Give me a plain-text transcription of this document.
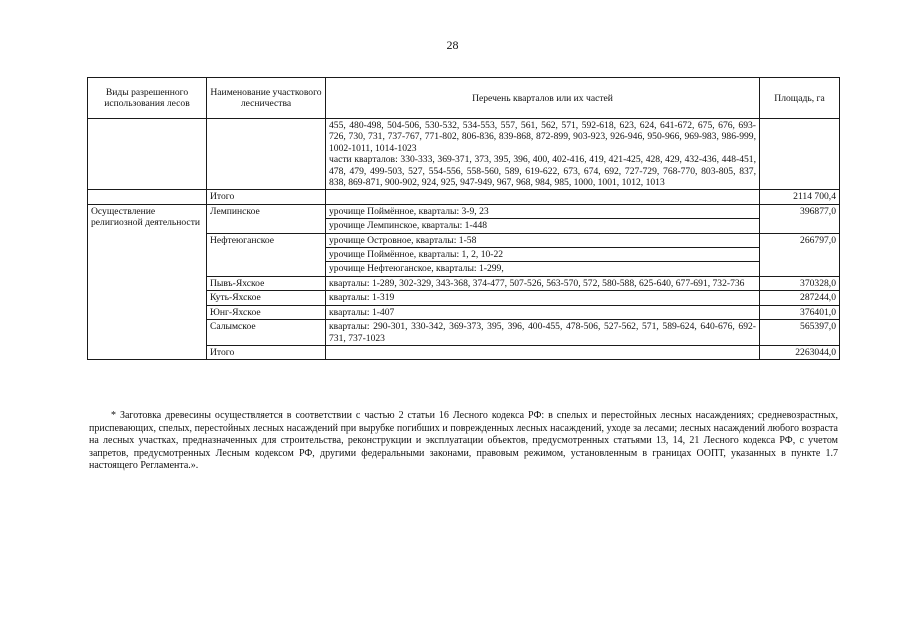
28
Виды разрешенного использования лесов	Наименование участкового лесничества	Перечень кварталов или их частей	Площадь, га

		455, 480-498, 504-506, 530-532, 534-553, 557, 561, 562, 571, 592-618, 623, 624, 641-672, 675, 676, 693-726, 730, 731, 737-767, 771-802, 806-836, 839-868, 872-899, 903-923, 926-946, 950-966, 969-983, 986-999, 1002-1011, 1014-1023
части кварталов: 330-333, 369-371, 373, 395, 396, 400, 402-416, 419, 421-425, 428, 429, 432-436, 448-451, 478, 479, 499-503, 527, 554-556, 558-560, 589, 619-622, 673, 674, 692, 727-729, 768-770, 803-805, 837, 838, 869-871, 900-902, 924, 925, 947-949, 967, 968, 984, 985, 1000, 1001, 1012, 1013	

	Итого		2114 700,4
Осуществление религиозной деятельности	Лемпинское	урочище Поймённое, кварталы: 3-9, 23	396877,0
		урочище Лемпинское, кварталы: 1-448	
	Нефтеюганское	урочище Островное, кварталы: 1-58	266797,0
		урочище Поймённое, кварталы: 1, 2, 10-22	
		урочище Нефтеюганское, кварталы: 1-299,	
	Пывъ-Яхское	кварталы: 1-289, 302-329, 343-368, 374-477, 507-526, 563-570, 572, 580-588, 625-640, 677-691, 732-736	370328,0
	Куть-Яхское	кварталы: 1-319	287244,0
	Юнг-Яхское	кварталы: 1-407	376401,0
	Салымское	кварталы: 290-301, 330-342, 369-373, 395, 396, 400-455, 478-506, 527-562, 571, 589-624, 640-676, 692-731, 737-1023	565397,0
	Итого		2263044,0

* Заготовка древесины осуществляется в соответствии с частью 2 статьи 16 Лесного кодекса РФ: в спелых и перестойных лесных насаждениях; средневозрастных, приспевающих, спелых, перестойных лесных насаждений при вырубке погибших и поврежденных лесных насаждений, уходе за лесами; лесных насаждений любого возраста на лесных участках, предназначенных для строительства, реконструкции и эксплуатации объектов, предусмотренных статьями 13, 14, 21 Лесного кодекса РФ, с учетом запретов, предусмотренных Лесным кодексом РФ, другими федеральными законами, правовым режимом, установленным в границах ООПТ, указанных в пункте 1.7 настоящего Регламента.».
